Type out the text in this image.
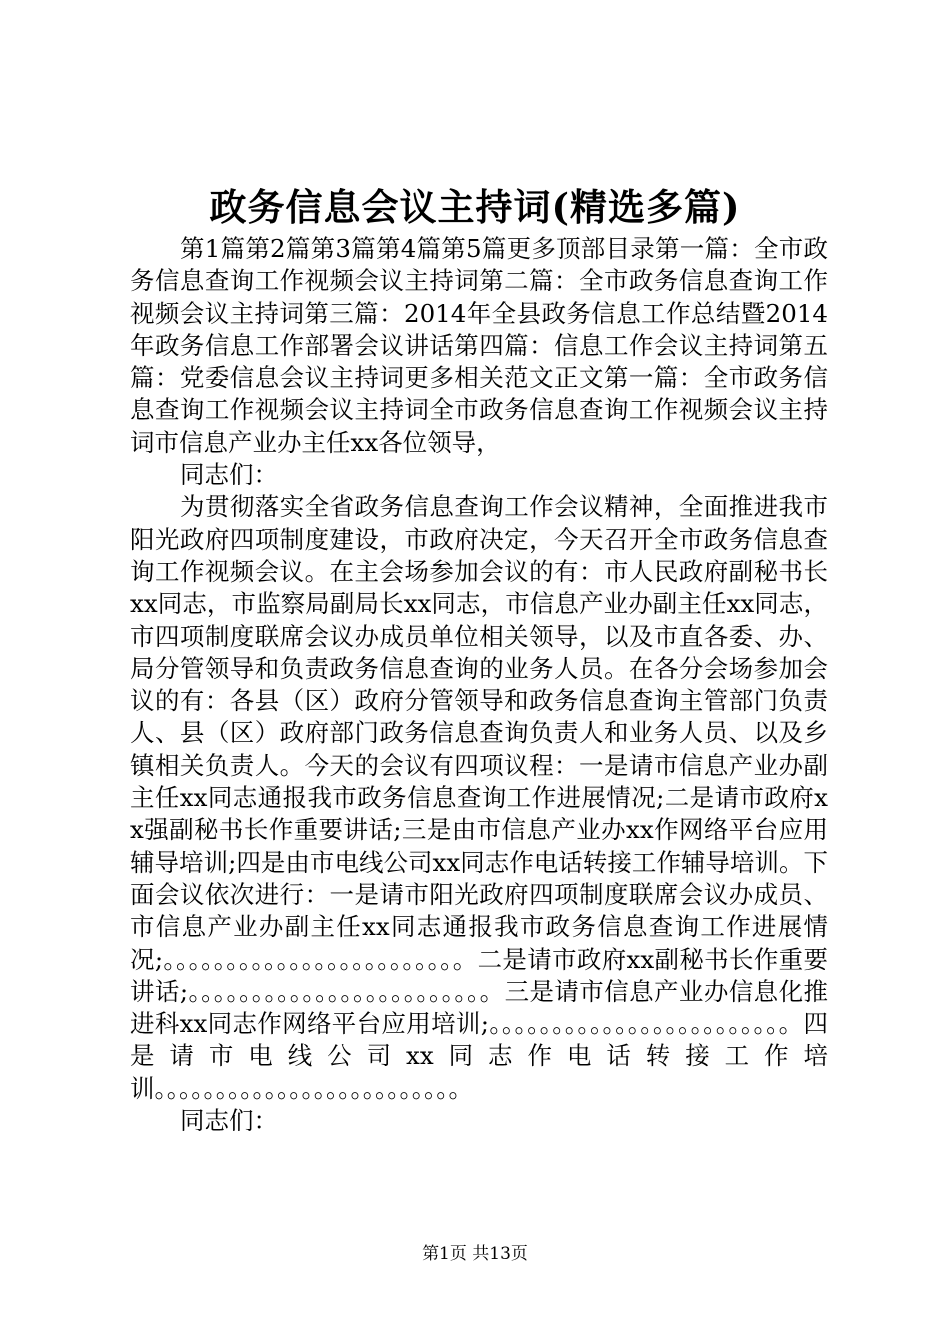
政务信息会议主持词(精选多篇)

第1篇第2篇第3篇第4篇第5篇更多顶部目录第一篇：全市政务信息查询工作视频会议主持词第二篇：全市政务信息查询工作视频会议主持词第三篇：2014年全县政务信息工作总结暨2014年政务信息工作部署会议讲话第四篇：信息工作会议主持词第五篇：党委信息会议主持词更多相关范文正文第一篇：全市政务信息查询工作视频会议主持词全市政务信息查询工作视频会议主持词市信息产业办主任xx各位领导，

同志们：

为贯彻落实全省政务信息查询工作会议精神，全面推进我市阳光政府四项制度建设，市政府决定，今天召开全市政务信息查询工作视频会议。在主会场参加会议的有：市人民政府副秘书长xx同志，市监察局副局长xx同志，市信息产业办副主任xx同志，市四项制度联席会议办成员单位相关领导，以及市直各委、办、局分管领导和负责政务信息查询的业务人员。在各分会场参加会议的有：各县（区）政府分管领导和政务信息查询主管部门负责人、县（区）政府部门政务信息查询负责人和业务人员、以及乡镇相关负责人。今天的会议有四项议程：一是请市信息产业办副主任xx同志通报我市政务信息查询工作进展情况;二是请市政府xx强副秘书长作重要讲话;三是由市信息产业办xx作网络平台应用辅导培训;四是由市电线公司xx同志作电话转接工作辅导培训。下面会议依次进行：一是请市阳光政府四项制度联席会议办成员、市信息产业办副主任xx同志通报我市政务信息查询工作进展情况;。。。。。。。。。。。。。。。。。。。。。。。。二是请市政府xx副秘书长作重要讲话;。。。。。。。。。。。。。。。。。。。。。。。。三是请市信息产业办信息化推进科xx同志作网络平台应用培训;。。。。。。。。。。。。。。。。。。。。。。。。四是请市电线公司xx同志作电话转接工作培训。。。。。。。。。。。。。。。。。。。。。。。。。

同志们：

第1页 共13页
